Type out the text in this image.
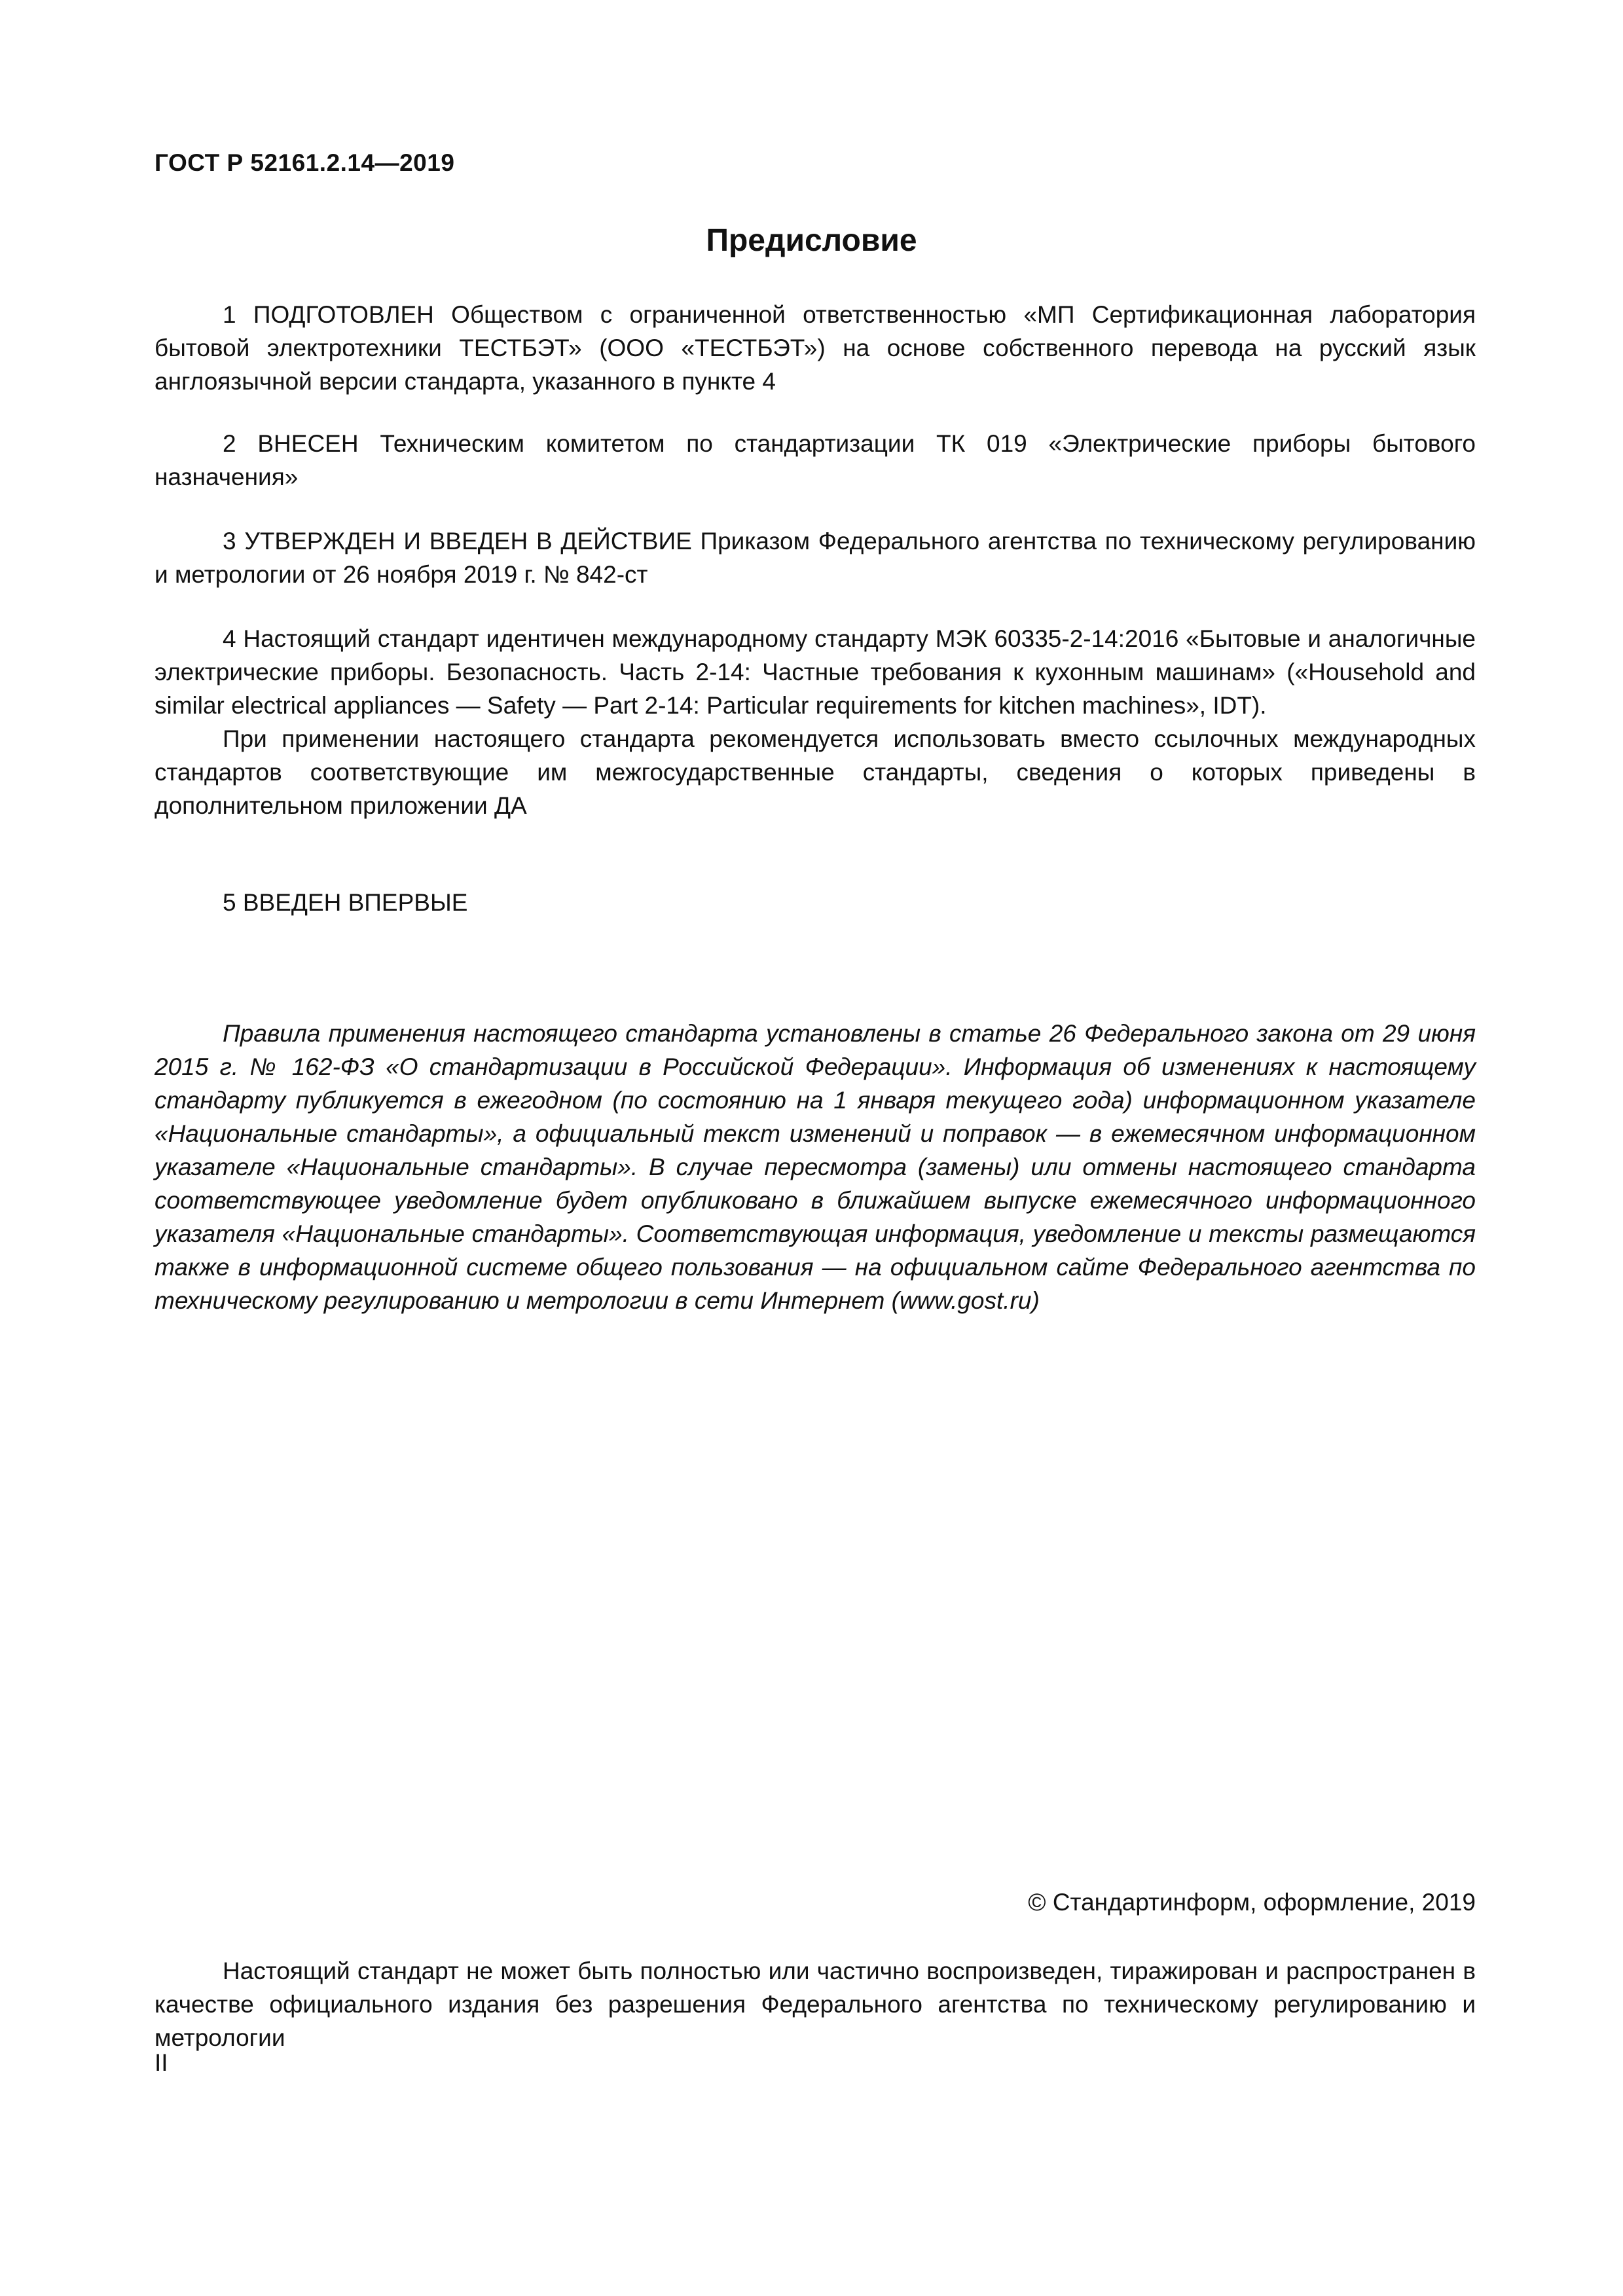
ГОСТ Р 52161.2.14—2019
Предисловие

1 ПОДГОТОВЛЕН Обществом с ограниченной ответственностью «МП Сертификационная лаборатория бытовой электротехники ТЕСТБЭТ» (ООО «ТЕСТБЭТ») на основе собственного перевода на русский язык англоязычной версии стандарта, указанного в пункте 4

2 ВНЕСЕН Техническим комитетом по стандартизации ТК 019 «Электрические приборы бытового назначения»

3 УТВЕРЖДЕН И ВВЕДЕН В ДЕЙСТВИЕ Приказом Федерального агентства по техническому регулированию и метрологии от 26 ноября 2019 г. № 842-ст

4 Настоящий стандарт идентичен международному стандарту МЭК 60335-2-14:2016 «Бытовые и аналогичные электрические приборы. Безопасность. Часть 2-14: Частные требования к кухонным машинам» («Household and similar electrical appliances — Safety — Part 2-14: Particular requirements for kitchen machines», IDT).

При применении настоящего стандарта рекомендуется использовать вместо ссылочных международных стандартов соответствующие им межгосударственные стандарты, сведения о которых приведены в дополнительном приложении ДА

5 ВВЕДЕН ВПЕРВЫЕ

Правила применения настоящего стандарта установлены в статье 26 Федерального закона от 29 июня 2015 г. № 162-ФЗ «О стандартизации в Российской Федерации». Информация об изменениях к настоящему стандарту публикуется в ежегодном (по состоянию на 1 января текущего года) информационном указателе «Национальные стандарты», а официальный текст изменений и поправок — в ежемесячном информационном указателе «Национальные стандарты». В случае пересмотра (замены) или отмены настоящего стандарта соответствующее уведомление будет опубликовано в ближайшем выпуске ежемесячного информационного указателя «Национальные стандарты». Соответствующая информация, уведомление и тексты размещаются также в информационной системе общего пользования — на официальном сайте Федерального агентства по техническому регулированию и метрологии в сети Интернет (www.gost.ru)

© Стандартинформ, оформление, 2019

Настоящий стандарт не может быть полностью или частично воспроизведен, тиражирован и распространен в качестве официального издания без разрешения Федерального агентства по техническому регулированию и метрологии

II
